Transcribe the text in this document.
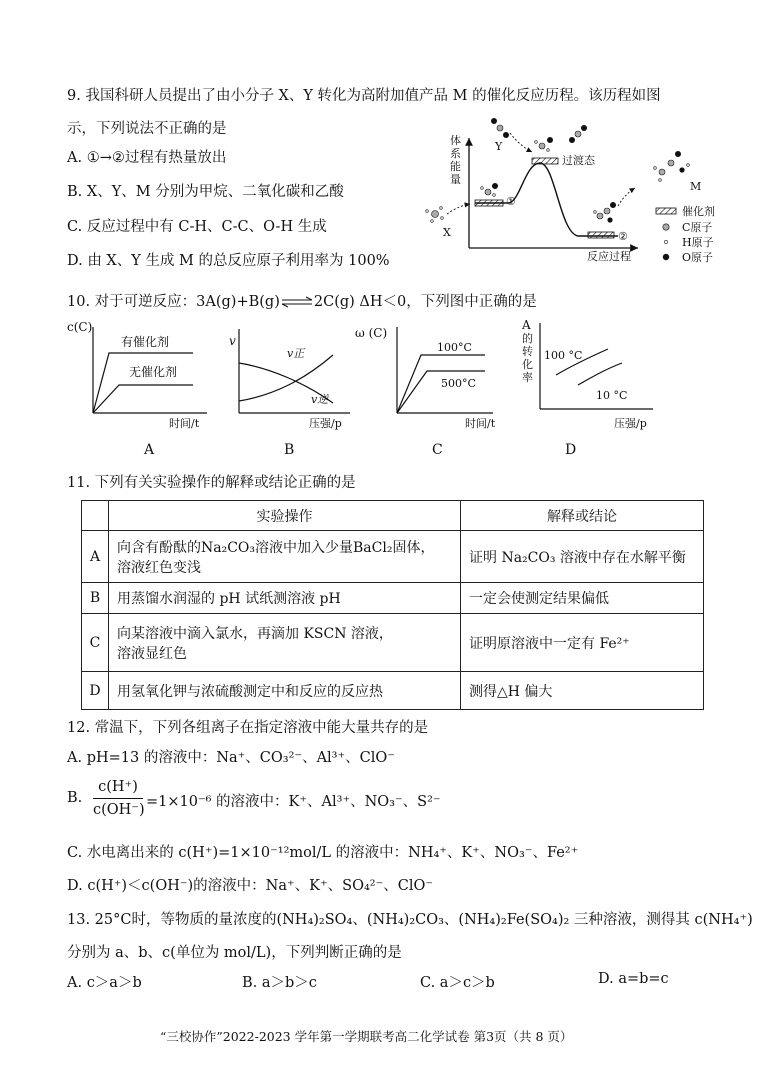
9. 我国科研人员提出了由小分子 X、Y 转化为高附加值产品 M 的催化反应历程。该历程如图
示，下列说法不正确的是
A. ①→②过程有热量放出
B. X、Y、M 分别为甲烷、二氧化碳和乙酸
C. 反应过程中有 C-H、C-C、O-H 生成
D. 由 X、Y 生成 M 的总反应原子利用率为 100%
体
系
能
量
反应过程
①
②
过渡态
X
Y
M
催化剂
C原子
H原子
O原子
10. 对于可逆反应：3A(g)+B(g)⇌2C(g) ΔH＜0，下列图中正确的是
c(C)
有催化剂
无催化剂
时间/t
v
v正
v逆
压强/p
ω (C)
100°C
500°C
时间/t
A
的
转
化
率
100 °C
10 °C
压强/p
A	B	C	D
11. 下列有关实验操作的解释或结论正确的是
	实验操作	解释或结论
A	向含有酚酞的Na₂CO₃溶液中加入少量BaCl₂固体，
溶液红色变浅	证明 Na₂CO₃ 溶液中存在水解平衡
B	用蒸馏水润湿的 pH 试纸测溶液 pH	一定会使测定结果偏低
C	向某溶液中滴入氯水，再滴加 KSCN 溶液，
溶液显红色	证明原溶液中一定有 Fe²⁺
D	用氢氧化钾与浓硫酸测定中和反应的反应热	测得△H 偏大
12. 常温下，下列各组离子在指定溶液中能大量共存的是
A. pH=13 的溶液中：Na⁺、CO₃²⁻、Al³⁺、ClO⁻
B.
c(H⁺)
c(OH⁻) =1×10⁻⁶ 的溶液中：K⁺、Al³⁺、NO₃⁻、S²⁻
C. 水电离出来的 c(H⁺)=1×10⁻¹²mol/L 的溶液中：NH₄⁺、K⁺、NO₃⁻、Fe²⁺
D. c(H⁺)＜c(OH⁻)的溶液中：Na⁺、K⁺、SO₄²⁻、ClO⁻
13. 25°C时，等物质的量浓度的(NH₄)₂SO₄、(NH₄)₂CO₃、(NH₄)₂Fe(SO₄)₂ 三种溶液，测得其 c(NH₄⁺)
分别为 a、b、c(单位为 mol/L)，下列判断正确的是
A. c＞a＞b	B. a＞b＞c	C. a＞c＞b	D. a=b=c
“三校协作”2022-2023 学年第一学期联考高二化学试卷 第3页（共 8 页）
